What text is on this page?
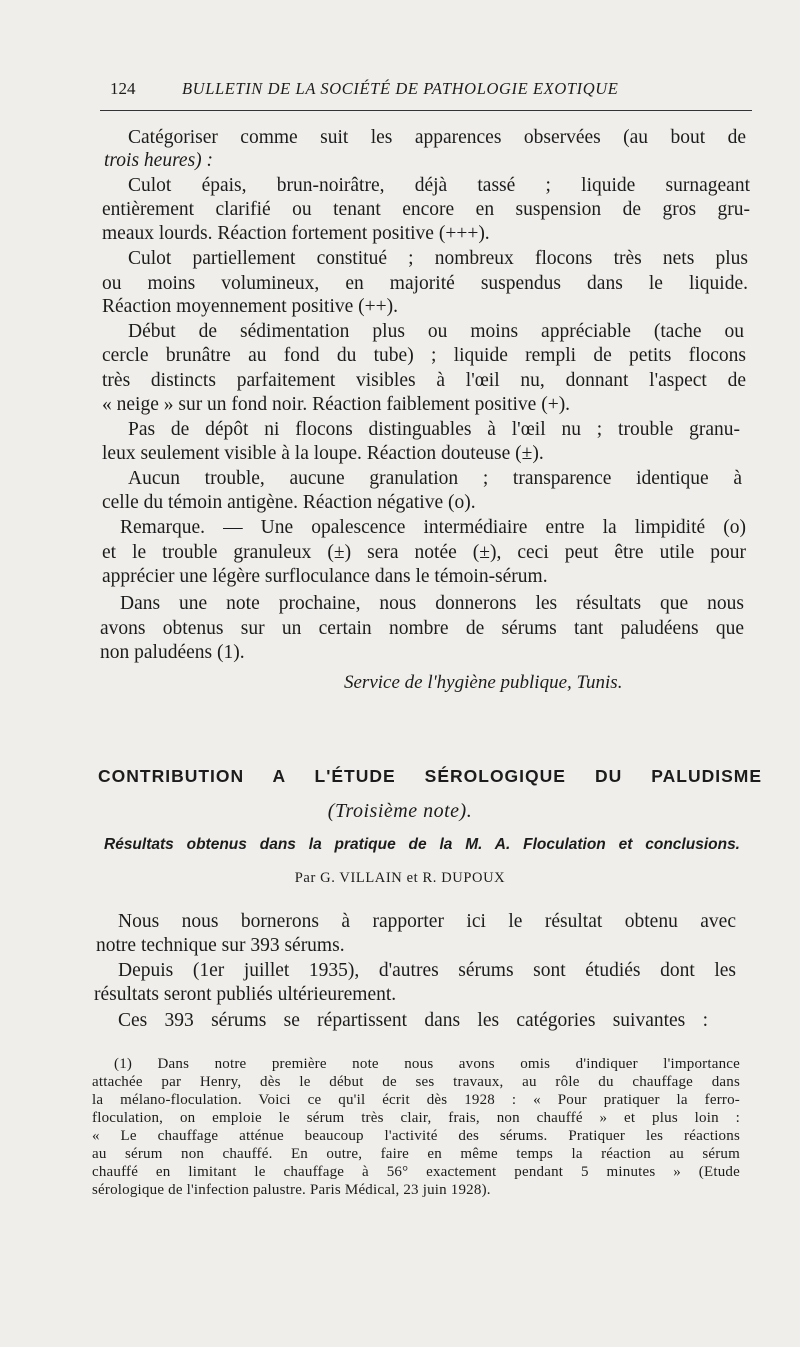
124	BULLETIN DE LA SOCIÉTÉ DE PATHOLOGIE EXOTIQUE
Catégoriser comme suit les apparences observées (au bout de
trois heures) :
Culot épais, brun-noirâtre, déjà tassé ; liquide surnageant
entièrement clarifié ou tenant encore en suspension de gros gru-
meaux lourds. Réaction fortement positive (+++).
Culot partiellement constitué ; nombreux flocons très nets plus
ou moins volumineux, en majorité suspendus dans le liquide.
Réaction moyennement positive (++).
Début de sédimentation plus ou moins appréciable (tache ou
cercle brunâtre au fond du tube) ; liquide rempli de petits flocons
très distincts parfaitement visibles à l'œil nu, donnant l'aspect de
« neige » sur un fond noir. Réaction faiblement positive (+).
Pas de dépôt ni flocons distinguables à l'œil nu ; trouble granu-
leux seulement visible à la loupe. Réaction douteuse (±).
Aucun trouble, aucune granulation ; transparence identique à
celle du témoin antigène. Réaction négative (o).
Remarque. — Une opalescence intermédiaire entre la limpidité (o)
et le trouble granuleux (±) sera notée (±), ceci peut être utile pour
apprécier une légère surfloculance dans le témoin-sérum.
Dans une note prochaine, nous donnerons les résultats que nous
avons obtenus sur un certain nombre de sérums tant paludéens que
non paludéens (1).
Service de l'hygiène publique, Tunis.
CONTRIBUTION A L'ÉTUDE SÉROLOGIQUE DU PALUDISME
(Troisième note).
Résultats obtenus dans la pratique de la M. A. Floculation et conclusions.
Par G. VILLAIN et R. DUPOUX
Nous nous bornerons à rapporter ici le résultat obtenu avec
notre technique sur 393 sérums.
Depuis (1er juillet 1935), d'autres sérums sont étudiés dont les
résultats seront publiés ultérieurement.
Ces 393 sérums se répartissent dans les catégories suivantes :
(1) Dans notre première note nous avons omis d'indiquer l'importance
attachée par Henry, dès le début de ses travaux, au rôle du chauffage dans
la mélano-floculation. Voici ce qu'il écrit dès 1928 : « Pour pratiquer la ferro-
floculation, on emploie le sérum très clair, frais, non chauffé » et plus loin :
« Le chauffage atténue beaucoup l'activité des sérums. Pratiquer les réactions
au sérum non chauffé. En outre, faire en même temps la réaction au sérum
chauffé en limitant le chauffage à 56° exactement pendant 5 minutes » (Etude
sérologique de l'infection palustre. Paris Médical, 23 juin 1928).
